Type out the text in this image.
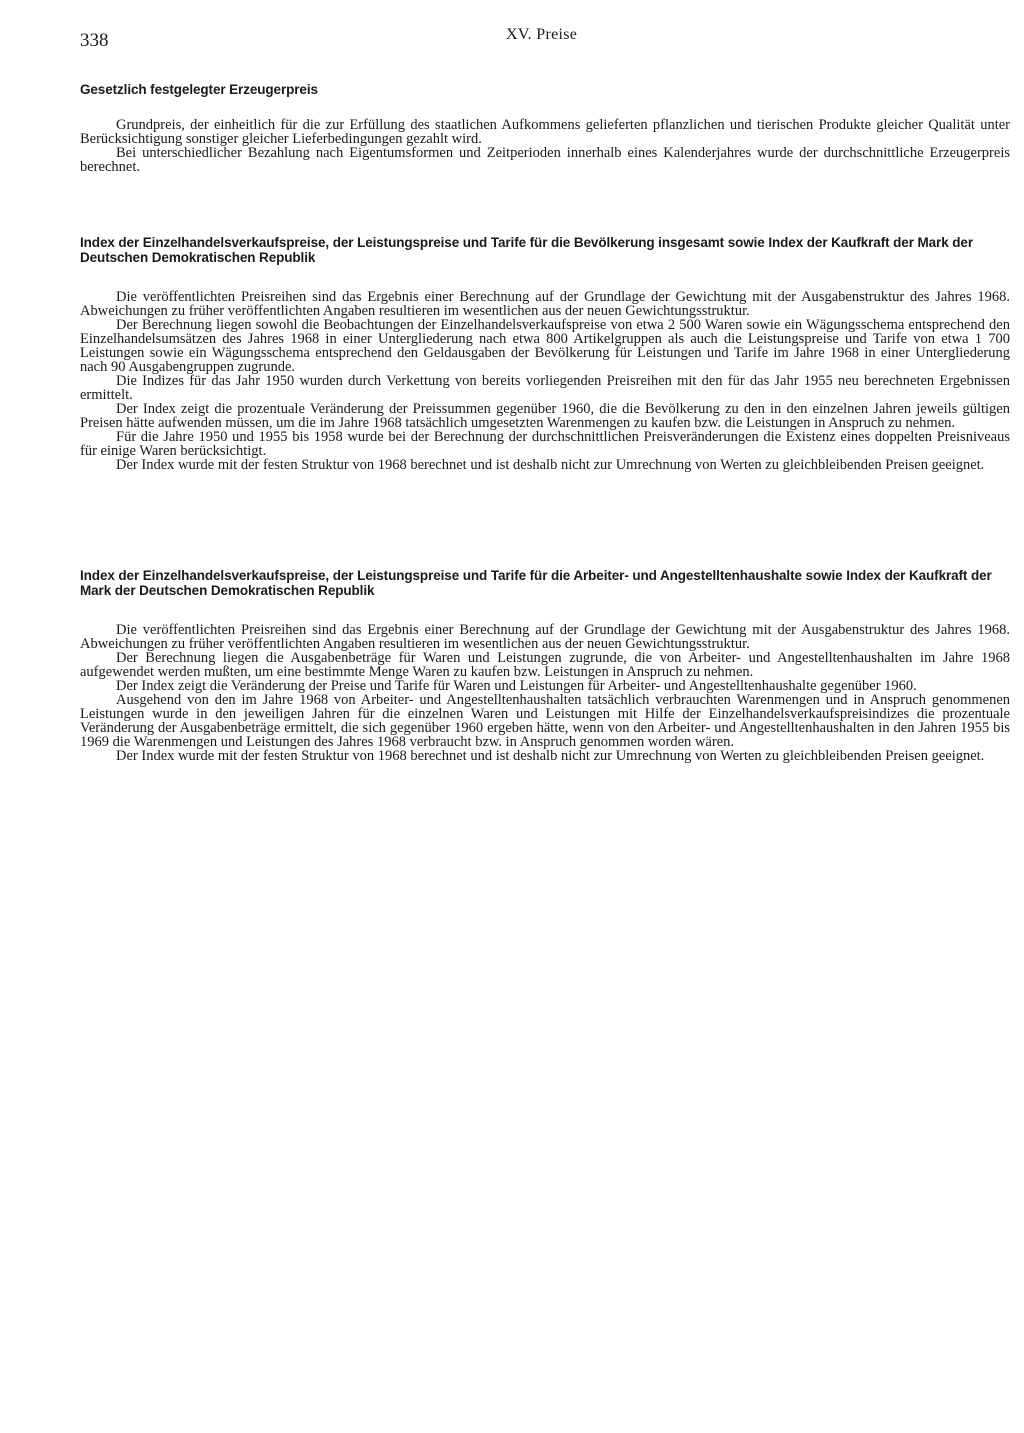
338	XV. Preise
Gesetzlich festgelegter Erzeugerpreis

Grundpreis, der einheitlich für die zur Erfüllung des staatlichen Aufkommens gelieferten pflanzlichen und tierischen Produkte gleicher Qualität unter Berücksichtigung sonstiger gleicher Lieferbedingungen gezahlt wird.

Bei unterschiedlicher Bezahlung nach Eigentumsformen und Zeitperioden innerhalb eines Kalenderjahres wurde der durchschnittliche Erzeugerpreis berechnet.

Index der Einzelhandelsverkaufspreise, der Leistungspreise und Tarife für die Bevölkerung insgesamt sowie Index der Kaufkraft der Mark der Deutschen Demokratischen Republik

Die veröffentlichten Preisreihen sind das Ergebnis einer Berechnung auf der Grundlage der Gewichtung mit der Ausgabenstruktur des Jahres 1968. Abweichungen zu früher veröffentlichten Angaben resultieren im wesentlichen aus der neuen Gewichtungsstruktur.

Der Berechnung liegen sowohl die Beobachtungen der Einzelhandelsverkaufspreise von etwa 2 500 Waren sowie ein Wägungsschema entsprechend den Einzelhandelsumsätzen des Jahres 1968 in einer Untergliederung nach etwa 800 Artikelgruppen als auch die Leistungspreise und Tarife von etwa 1 700 Leistungen sowie ein Wägungsschema entsprechend den Geldausgaben der Bevölkerung für Leistungen und Tarife im Jahre 1968 in einer Untergliederung nach 90 Ausgabengruppen zugrunde.

Die Indizes für das Jahr 1950 wurden durch Verkettung von bereits vorliegenden Preisreihen mit den für das Jahr 1955 neu berechneten Ergebnissen ermittelt.

Der Index zeigt die prozentuale Veränderung der Preissummen gegenüber 1960, die die Bevölkerung zu den in den einzelnen Jahren jeweils gültigen Preisen hätte aufwenden müssen, um die im Jahre 1968 tatsächlich umgesetzten Warenmengen zu kaufen bzw. die Leistungen in Anspruch zu nehmen.

Für die Jahre 1950 und 1955 bis 1958 wurde bei der Berechnung der durchschnittlichen Preisveränderungen die Existenz eines doppelten Preisniveaus für einige Waren berücksichtigt.

Der Index wurde mit der festen Struktur von 1968 berechnet und ist deshalb nicht zur Umrechnung von Werten zu gleichbleibenden Preisen geeignet.

Index der Einzelhandelsverkaufspreise, der Leistungspreise und Tarife für die Arbeiter- und Angestelltenhaushalte sowie Index der Kaufkraft der Mark der Deutschen Demokratischen Republik

Die veröffentlichten Preisreihen sind das Ergebnis einer Berechnung auf der Grundlage der Gewichtung mit der Ausgabenstruktur des Jahres 1968. Abweichungen zu früher veröffentlichten Angaben resultieren im wesentlichen aus der neuen Gewichtungsstruktur.

Der Berechnung liegen die Ausgabenbeträge für Waren und Leistungen zugrunde, die von Arbeiter- und Angestelltenhaushalten im Jahre 1968 aufgewendet werden mußten, um eine bestimmte Menge Waren zu kaufen bzw. Leistungen in Anspruch zu nehmen.

Der Index zeigt die Veränderung der Preise und Tarife für Waren und Leistungen für Arbeiter- und Angestelltenhaushalte gegenüber 1960.

Ausgehend von den im Jahre 1968 von Arbeiter- und Angestelltenhaushalten tatsächlich verbrauchten Warenmengen und in Anspruch genommenen Leistungen wurde in den jeweiligen Jahren für die einzelnen Waren und Leistungen mit Hilfe der Einzelhandelsverkaufspreisindizes die prozentuale Veränderung der Ausgabenbeträge ermittelt, die sich gegenüber 1960 ergeben hätte, wenn von den Arbeiter- und Angestelltenhaushalten in den Jahren 1955 bis 1969 die Warenmengen und Leistungen des Jahres 1968 verbraucht bzw. in Anspruch genommen worden wären.

Der Index wurde mit der festen Struktur von 1968 berechnet und ist deshalb nicht zur Umrechnung von Werten zu gleichbleibenden Preisen geeignet.
